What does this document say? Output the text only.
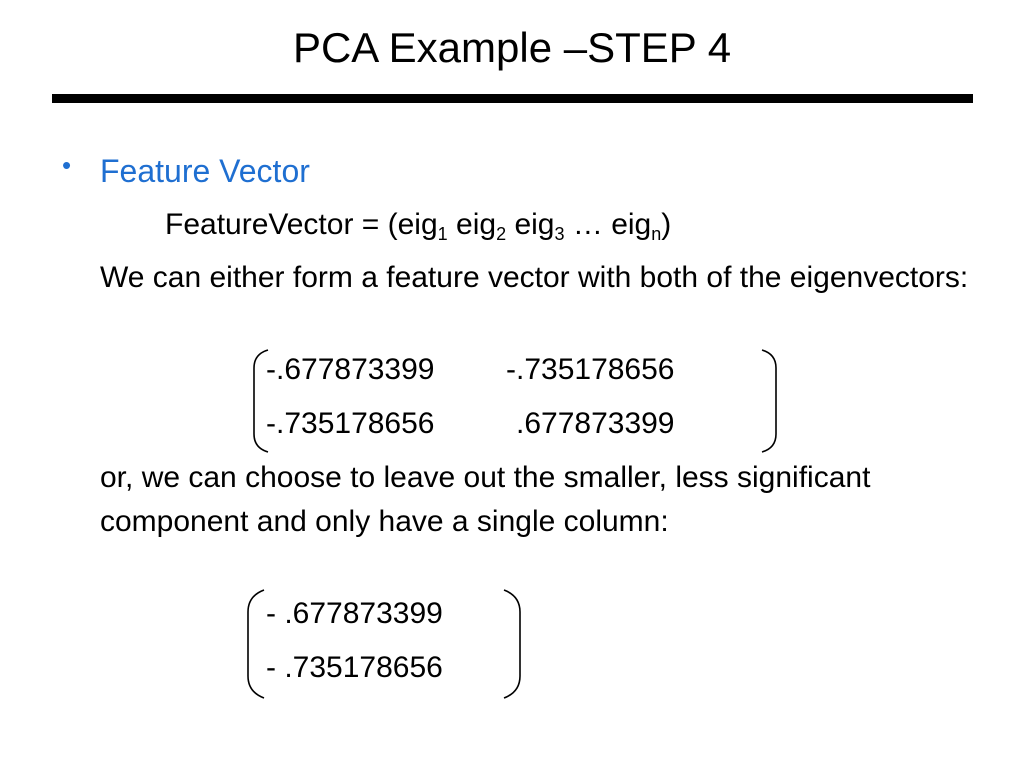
PCA Example –STEP 4
• Feature Vector
FeatureVector = (eig$_1$ eig$_2$ eig$_3$ … eig$_n$)
We can either form a feature vector with both of the eigenvectors:
-.677873399 -.735178656
-.735178656	.677873399
or, we can choose to leave out the smaller, less significant component and only have a single column:
- .677873399
- .735178656
